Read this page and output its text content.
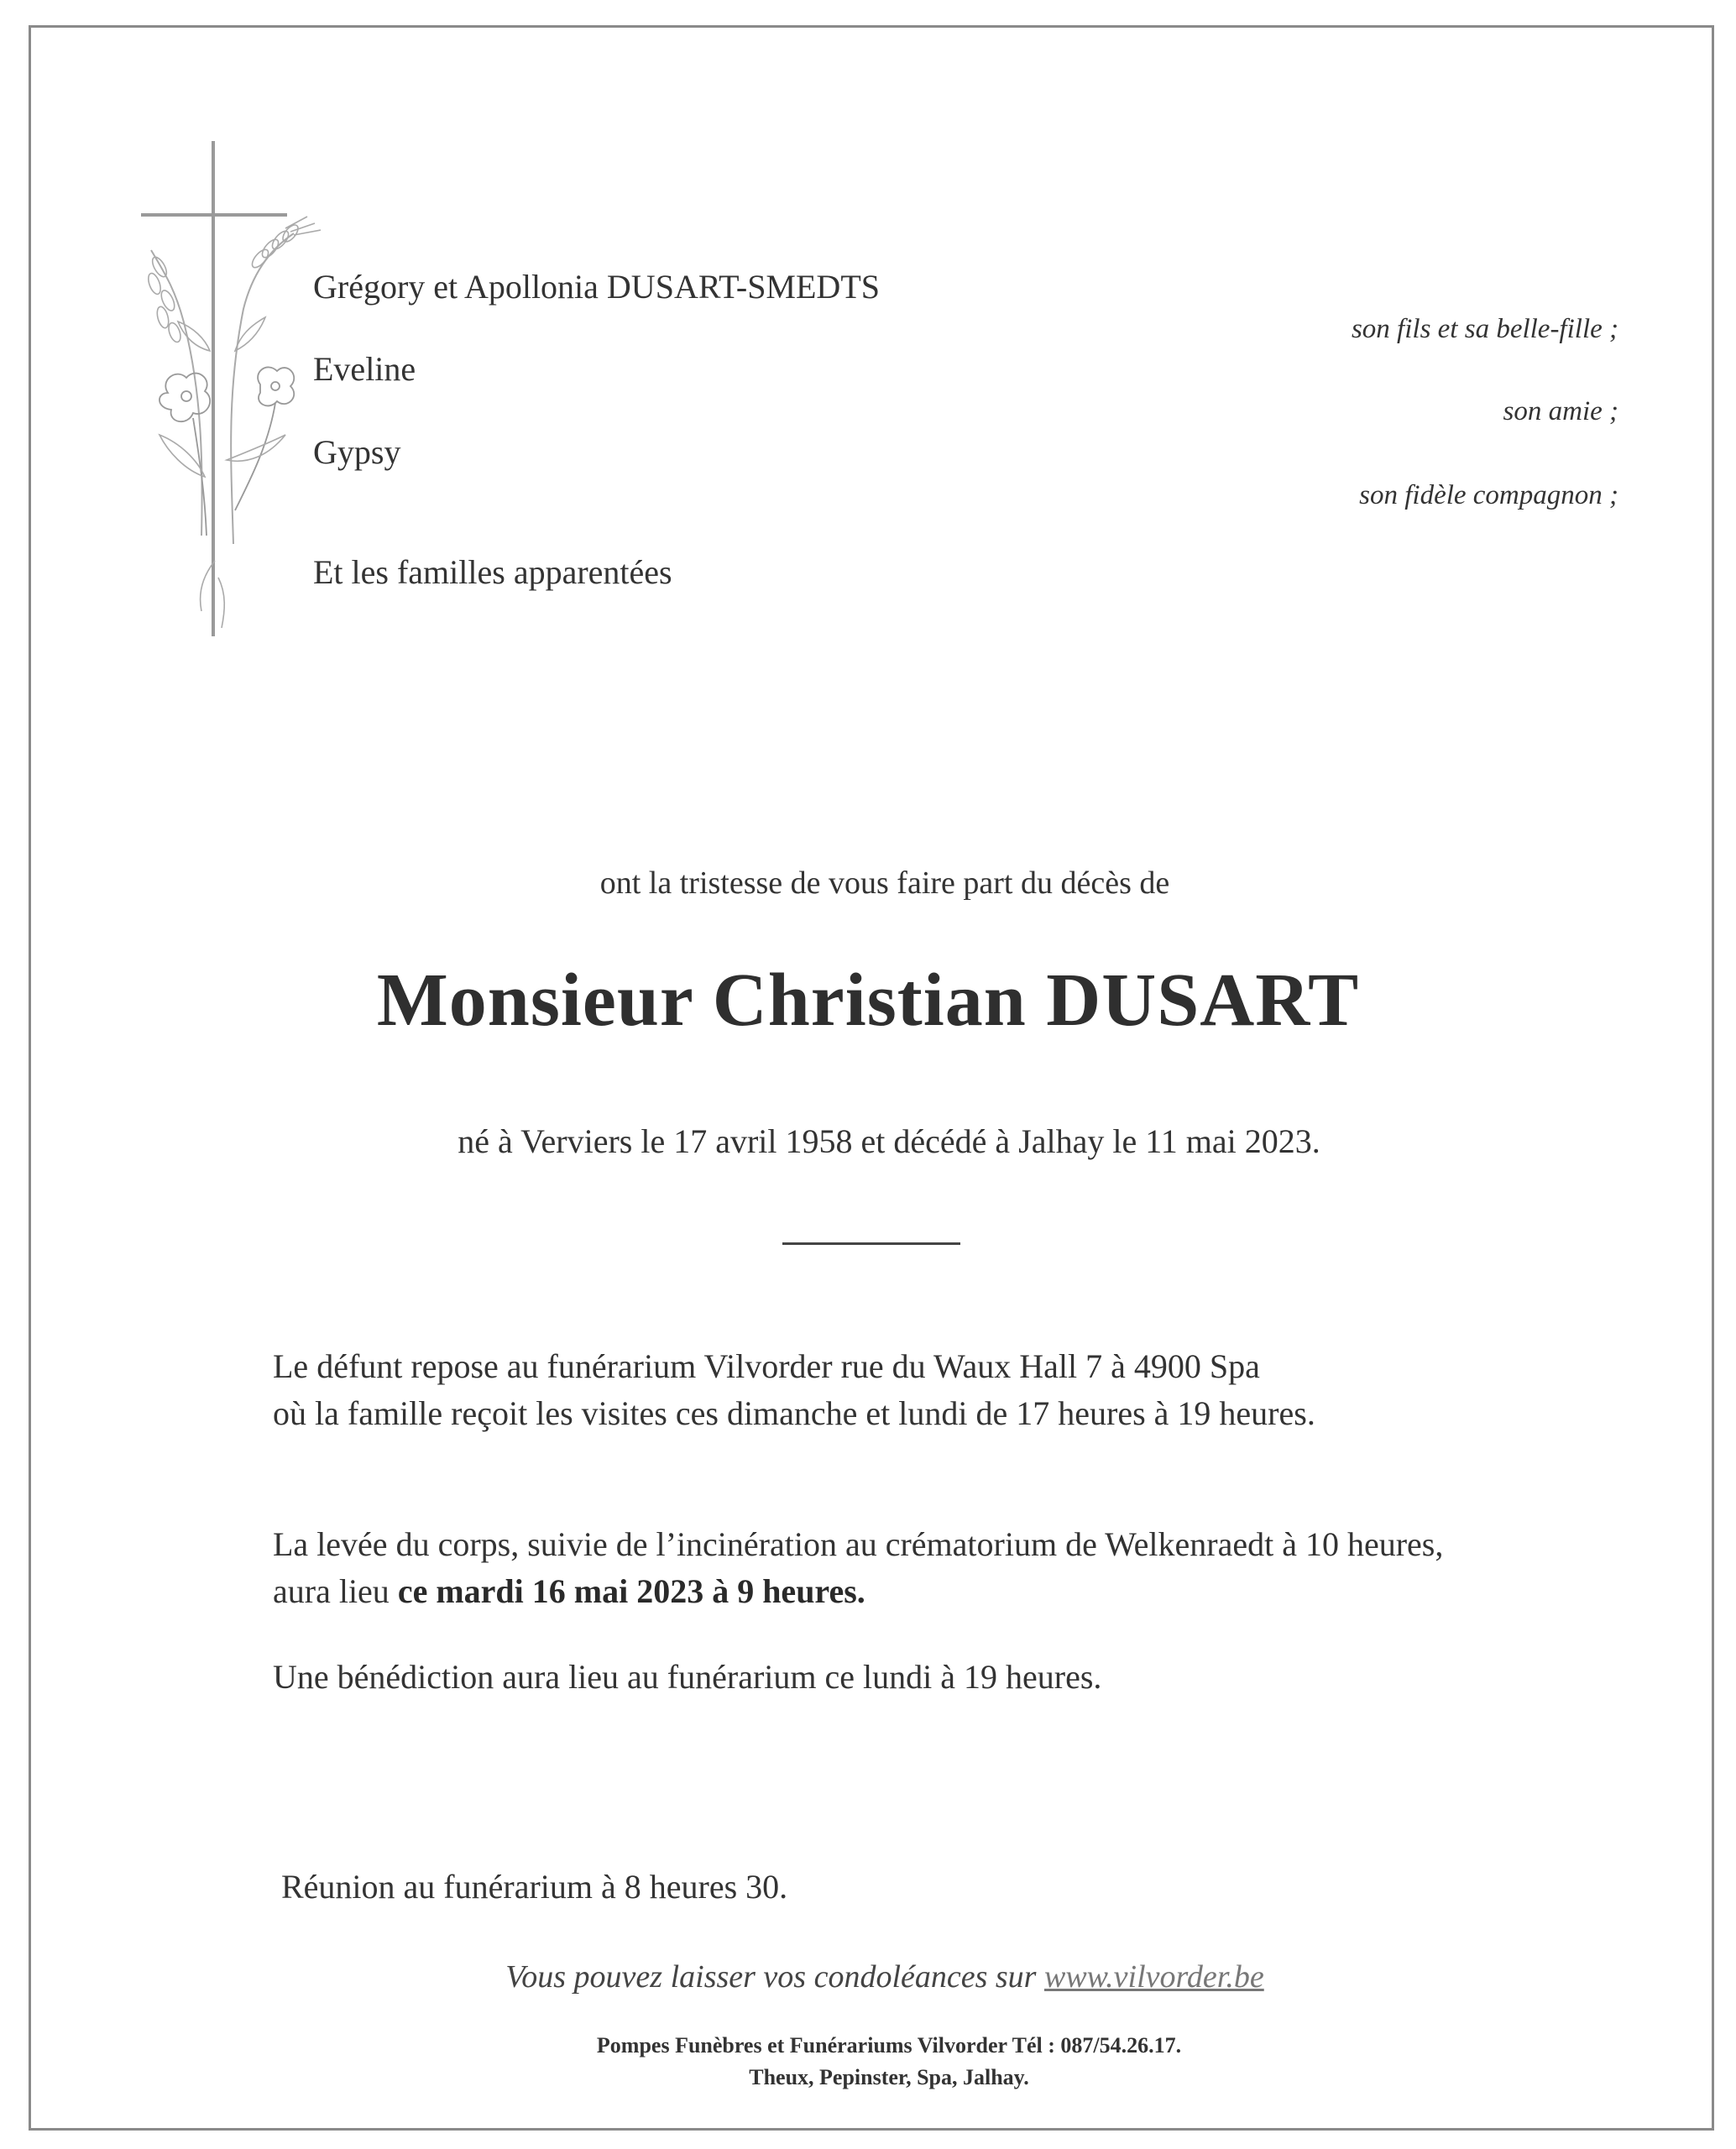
Grégory et Apollonia DUSART-SMEDTS
Eveline
Gypsy
Et les familles apparentées
son fils et sa belle-fille ;
son amie ;
son fidèle compagnon ;
ont la tristesse de vous faire part du décès de
Monsieur Christian DUSART
né à Verviers le 17 avril 1958 et décédé à Jalhay le 11 mai 2023.
Le défunt repose au funérarium Vilvorder rue du Waux Hall 7 à 4900 Spa
où la famille reçoit les visites ces dimanche et lundi de 17 heures à 19 heures.
La levée du corps, suivie de l’incinération au crématorium de Welkenraedt à 10 heures,
aura lieu ce mardi 16 mai 2023 à 9 heures.
Une bénédiction aura lieu au funérarium ce lundi à 19 heures.
Réunion au funérarium à 8 heures 30.
Vous pouvez laisser vos condoléances sur www.vilvorder.be
Pompes Funèbres et Funérariums Vilvorder Tél : 087/54.26.17.
Theux, Pepinster, Spa, Jalhay.
